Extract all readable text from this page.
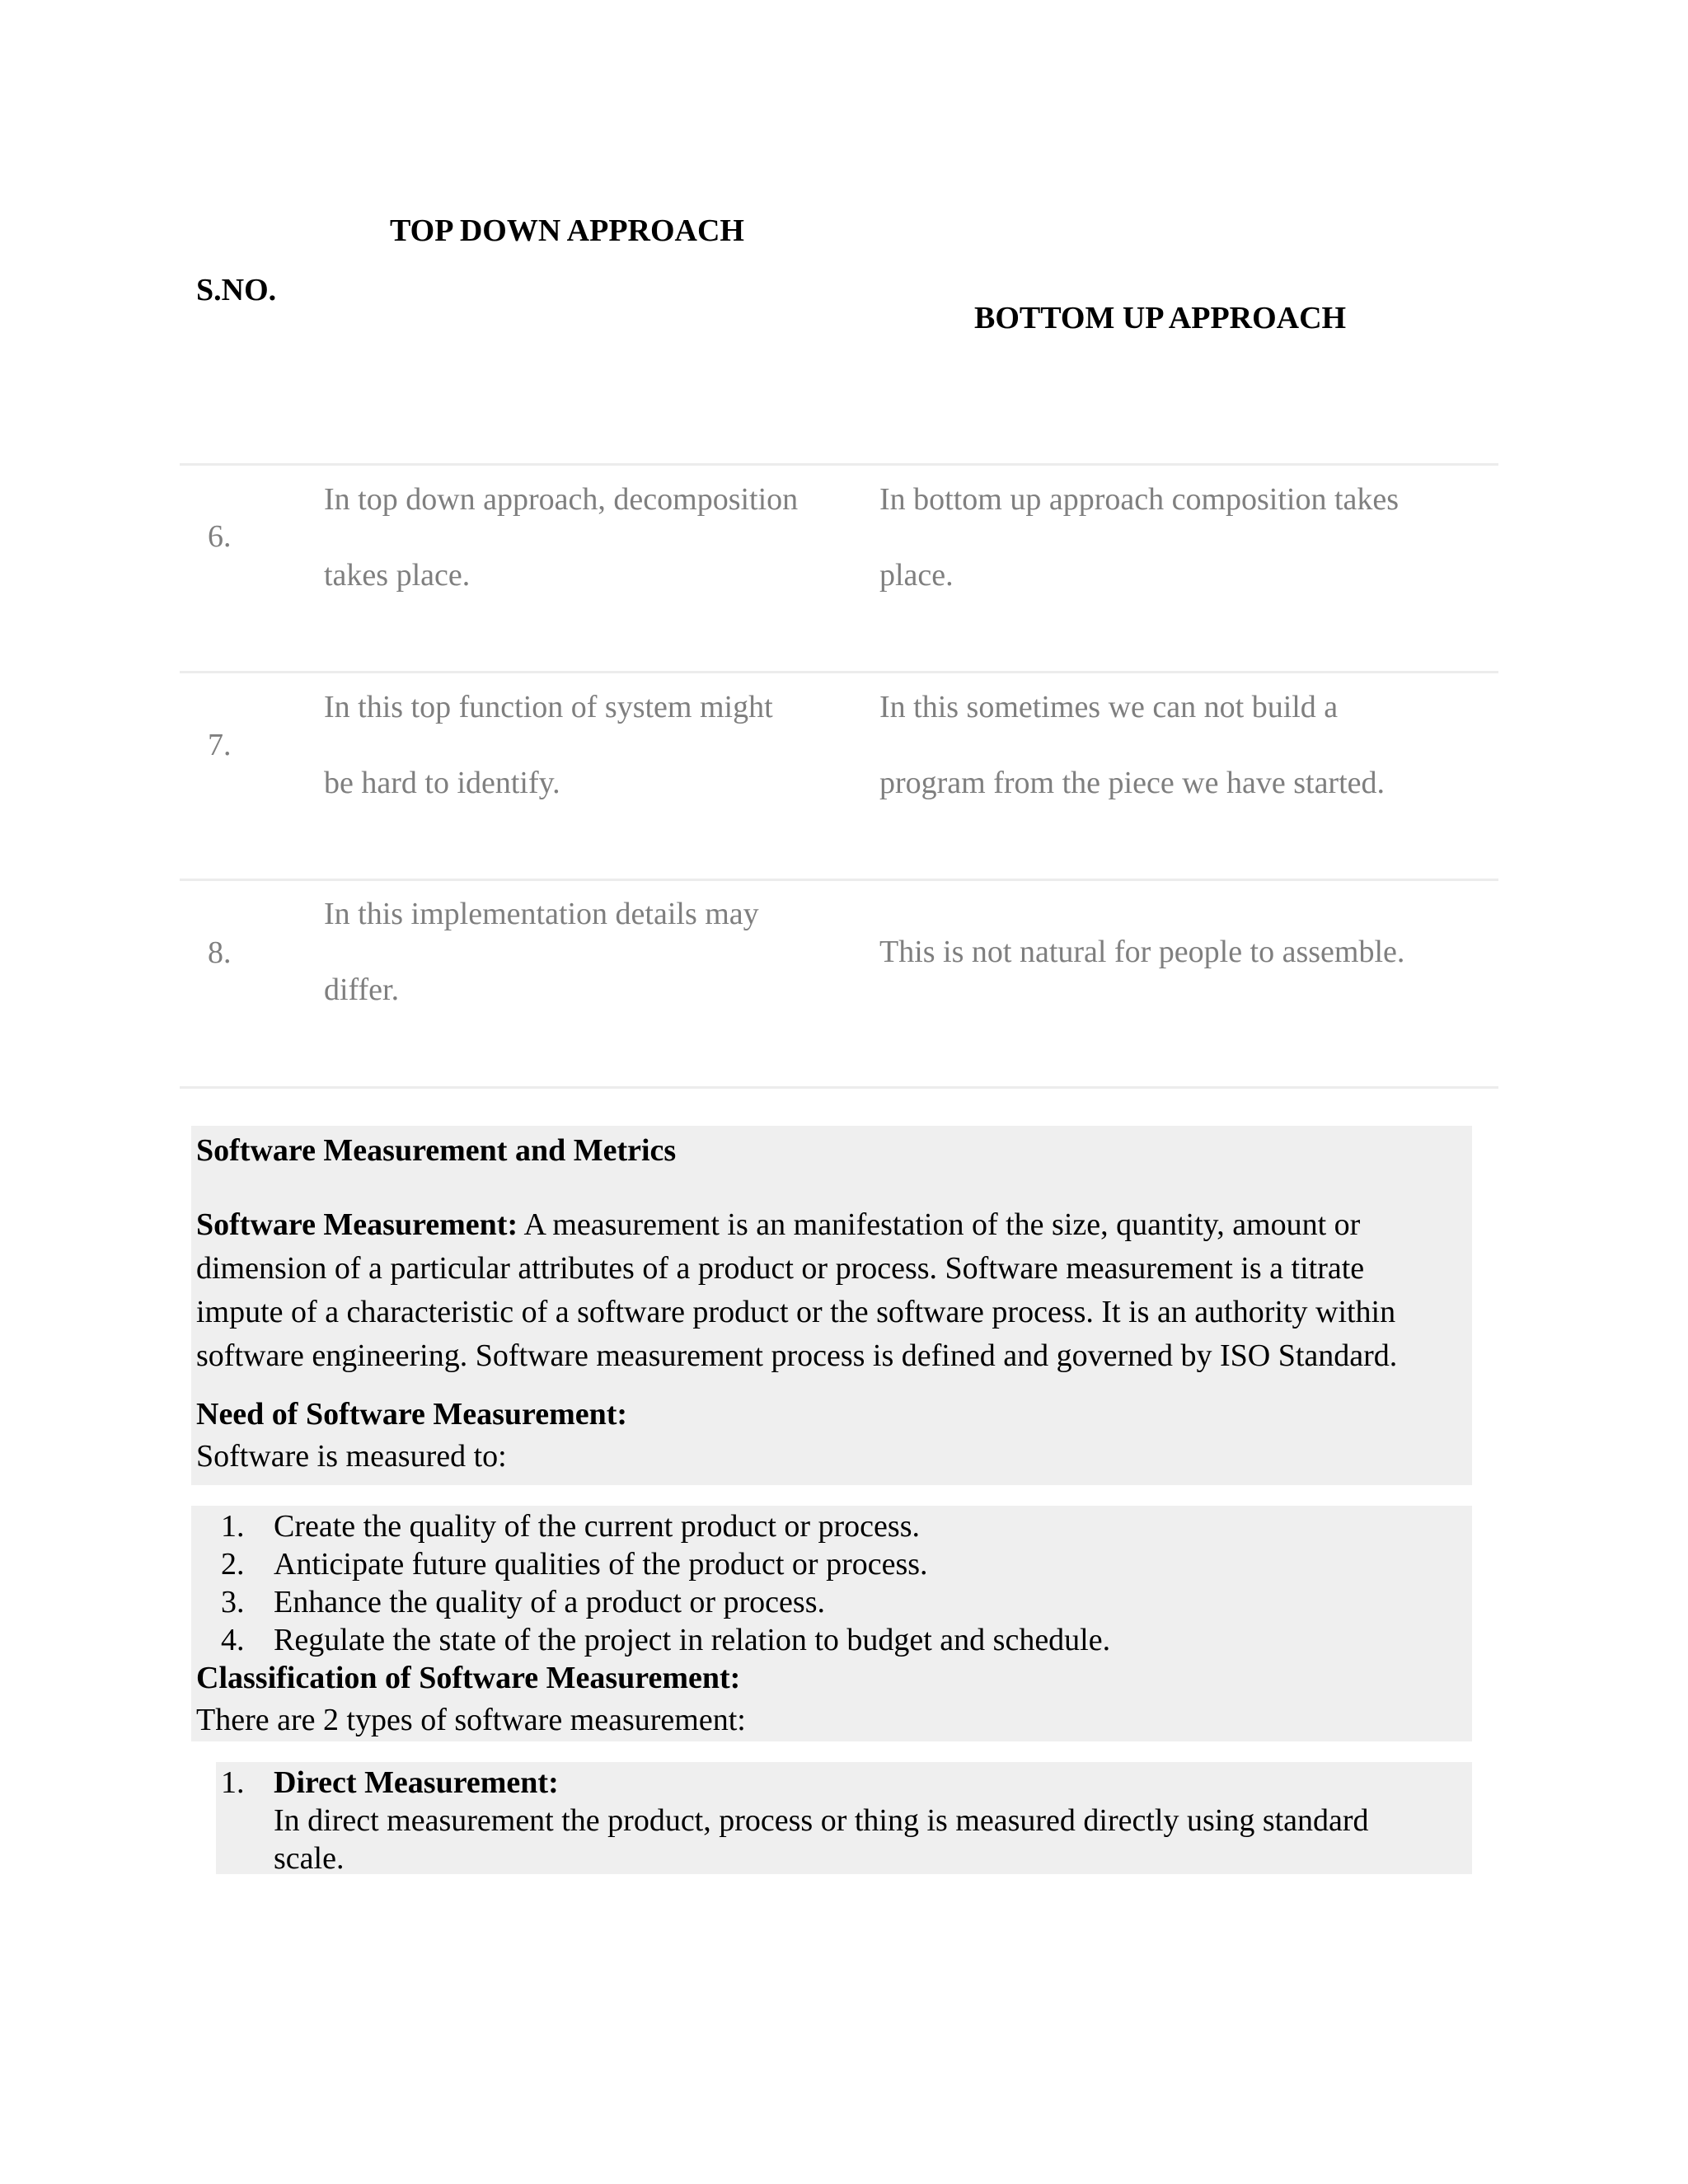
TOP DOWN APPROACH
S.NO.
BOTTOM UP APPROACH
6.
In top down approach, decomposition
takes place.
In bottom up approach composition takes
place.
7.
In this top function of system might
be hard to identify.
In this sometimes we can not build a
program from the piece we have started.
8.
In this implementation details may
differ.
This is not natural for people to assemble.
Software Measurement and Metrics
Software Measurement: A measurement is an manifestation of the size, quantity, amount or
dimension of a particular attributes of a product or process. Software measurement is a titrate
impute of a characteristic of a software product or the software process. It is an authority within
software engineering. Software measurement process is defined and governed by ISO Standard.
Need of Software Measurement:
Software is measured to:
1. Create the quality of the current product or process.
2. Anticipate future qualities of the product or process.
3. Enhance the quality of a product or process.
4. Regulate the state of the project in relation to budget and schedule.
Classification of Software Measurement:
There are 2 types of software measurement:
1. Direct Measurement:
In direct measurement the product, process or thing is measured directly using standard
scale.
